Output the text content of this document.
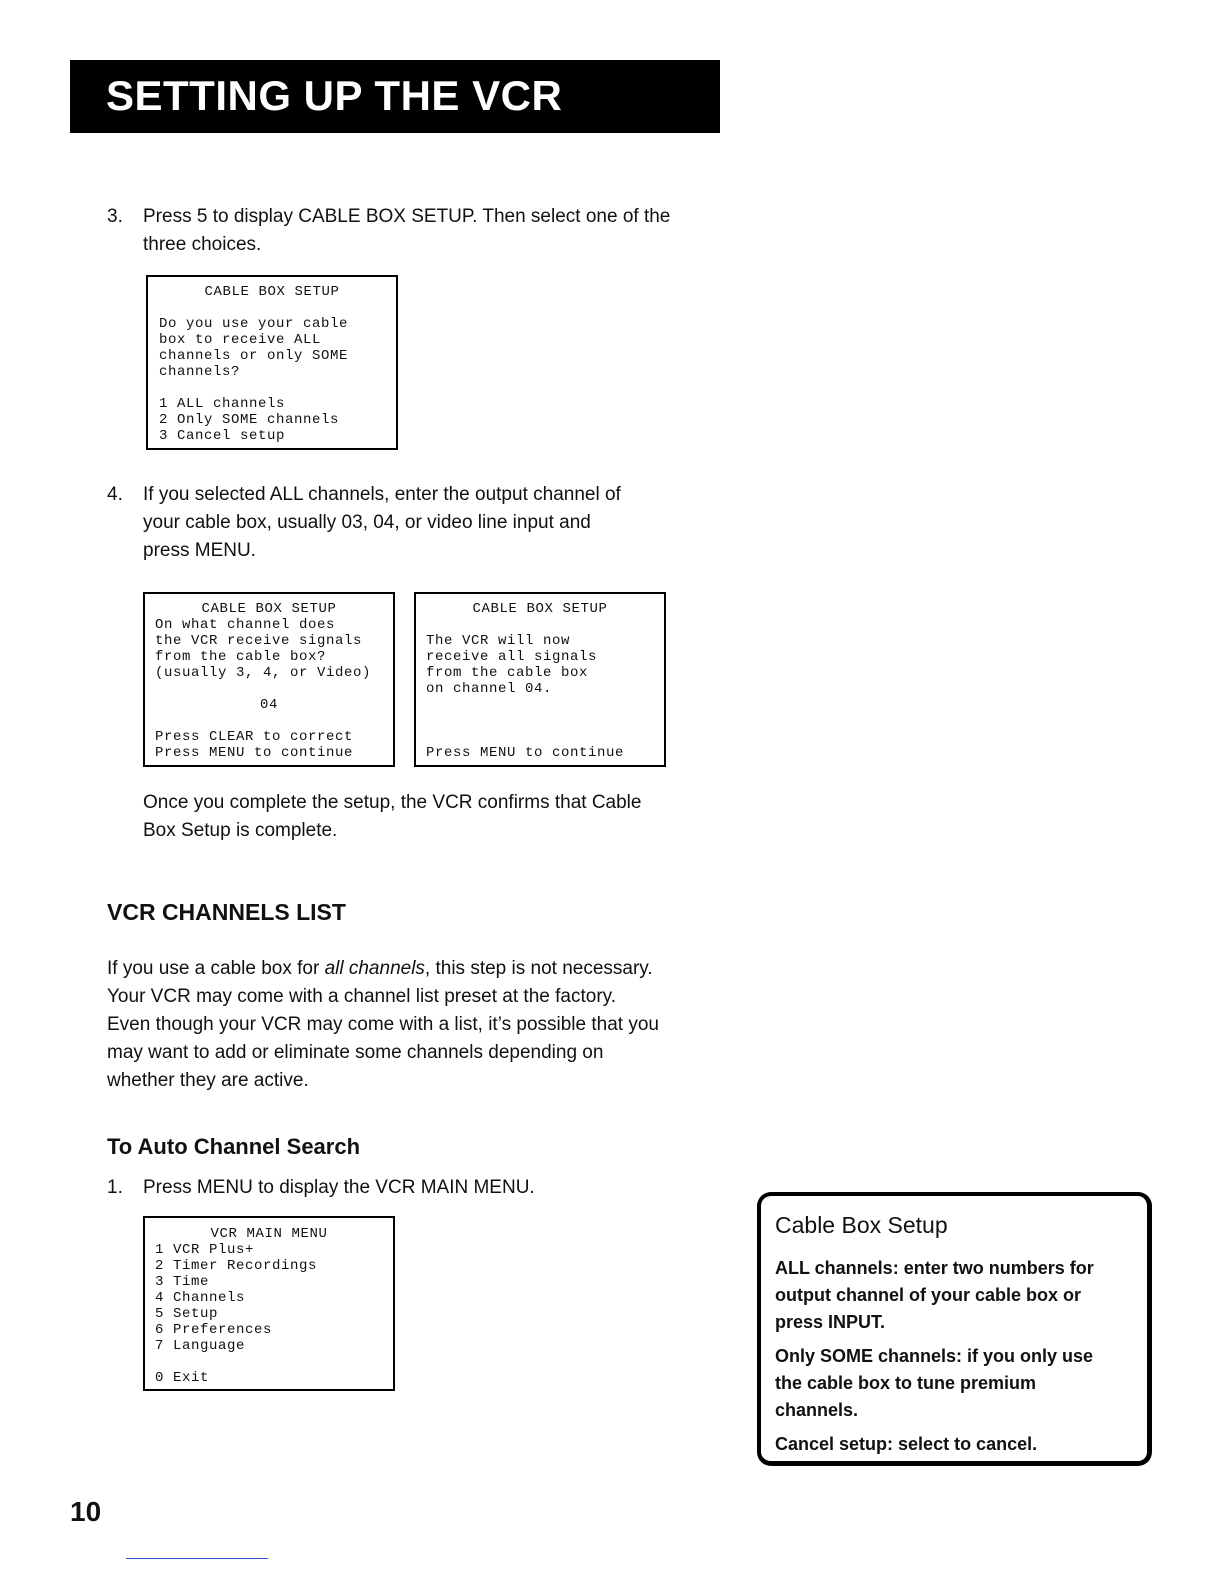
SETTING UP THE VCR
3. Press 5 to display CABLE BOX SETUP. Then select one of the
three choices.
CABLE BOX SETUP
Do you use your cable
box to receive ALL
channels or only SOME
channels?
1 ALL channels
2 Only SOME channels
3 Cancel setup
4. If you selected ALL channels, enter the output channel of
your cable box, usually 03, 04, or video line input and
press MENU.
CABLE BOX SETUP
On what channel does
the VCR receive signals
from the cable box?
(usually 3, 4, or Video)
04
Press CLEAR to correct
Press MENU to continue
CABLE BOX SETUP
The VCR will now
receive all signals
from the cable box
on channel 04.
Press MENU to continue
Once you complete the setup, the VCR confirms that Cable
Box Setup is complete.
VCR CHANNELS LIST
If you use a cable box for all channels, this step is not necessary.
Your VCR may come with a channel list preset at the factory.
Even though your VCR may come with a list, it’s possible that you
may want to add or eliminate some channels depending on
whether they are active.
To Auto Channel Search
1. Press MENU to display the VCR MAIN MENU.
VCR MAIN MENU
1 VCR Plus+
2 Timer Recordings
3 Time
4 Channels
5 Setup
6 Preferences
7 Language
0 Exit
Cable Box Setup
ALL channels: enter two numbers for
output channel of your cable box or
press INPUT.
Only SOME channels: if you only use
the cable box to tune premium
channels.
Cancel setup: select to cancel.
10
